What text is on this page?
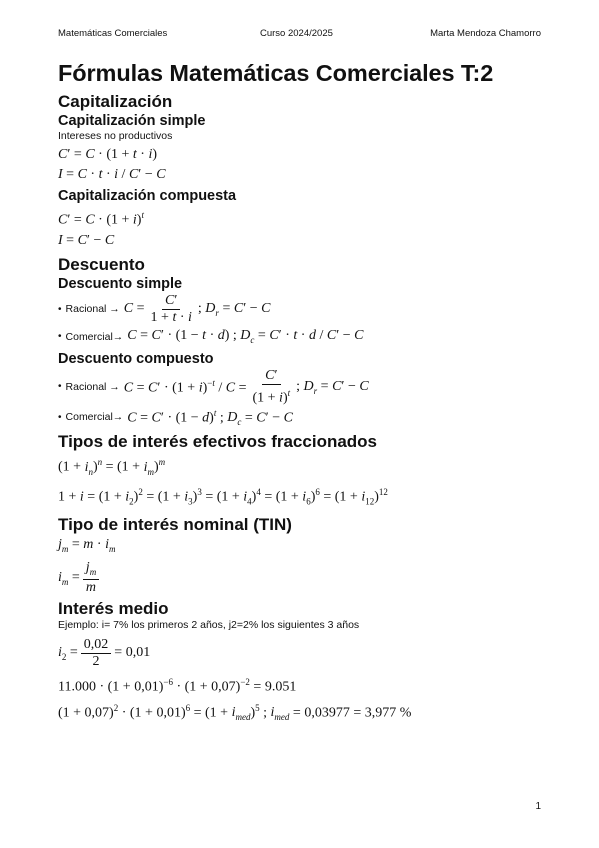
Matemáticas Comerciales	Curso 2024/2025	Marta Mendoza Chamorro
Fórmulas Matemáticas Comerciales T:2
Capitalización
Capitalización simple
Intereses no productivos
C′ = C · (1 + t · i)
I = C · t · i / C′ − C
Capitalización compuesta
$C' = C \cdot (1 + i)^t$
I = C′ − C
Descuento
Descuento simple
• Racional → $C = \frac{C'}{1 + t \cdot i}$ ; $D_r = C' - C$
• Comercial→ C = C′ · (1 − t · d) ; $D_c = C' \cdot t \cdot d / C' - C$
Descuento compuesto
• Racional → $C = C' \cdot (1 + i)^{-t} / C = \frac{C'}{(1 + i)^t}$ ; $D_r = C' - C$
• Comercial→ $C = C' \cdot (1 - d)^t$ ; $D_c = C' - C$
Tipos de interés efectivos fraccionados
$(1 + i_n)^n = (1 + i_m)^m$
$1 + i = (1 + i_2)^2 = (1 + i_3)^3 = (1 + i_4)^4 = (1 + i_6)^6 = (1 + i_{12})^{12}$
Tipo de interés nominal (TIN)
$j_m = m \cdot i_m$
$i_m = \frac{j_m}{m}$
Interés medio
Ejemplo: i= 7% los primeros 2 años, j2=2% los siguientes 3 años
$i_2 = \frac{0,02}{2} = 0,01$
$11.000 \cdot (1 + 0,01)^{-6} \cdot (1 + 0,07)^{-2} = 9.051$
$(1 + 0,07)^2 \cdot (1 + 0,01)^6 = (1 + i_{med})^5$ ; $i_{med} = 0,03977 = 3,977$ %
1
